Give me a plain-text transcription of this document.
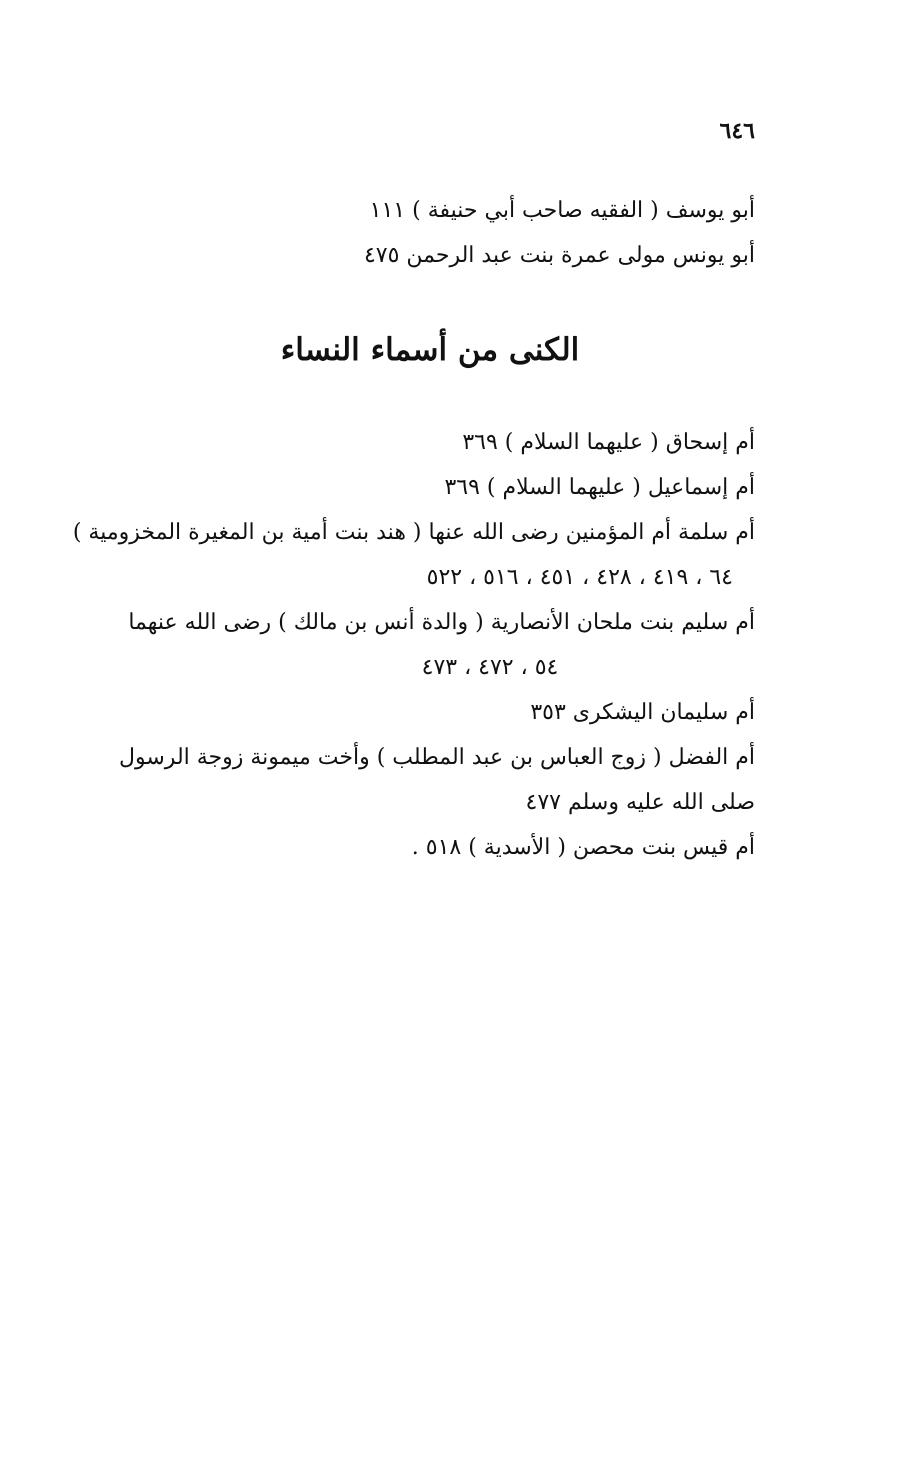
٦٤٦
أبو يوسف ( الفقيه صاحب أبي حنيفة ) ١١١
أبو يونس مولى عمرة بنت عبد الرحمن ٤٧٥
الكنى من أسماء النساء
أم إسحاق ( عليهما السلام ) ٣٦٩
أم إسماعيل ( عليهما السلام ) ٣٦٩
أم سلمة أم المؤمنين رضى الله عنها ( هند بنت أمية بن المغيرة المخزومية )
٦٤ ، ٤١٩ ، ٤٢٨ ، ٤٥١ ، ٥١٦ ، ٥٢٢
أم سليم بنت ملحان الأنصارية ( والدة أنس بن مالك ) رضى الله عنهما
٥٤ ، ٤٧٢ ، ٤٧٣
أم سليمان اليشكرى ٣٥٣
أم الفضل ( زوج العباس بن عبد المطلب ) وأخت ميمونة زوجة الرسول
صلى الله عليه وسلم ٤٧٧
أم قيس بنت محصن ( الأسدية ) ٥١٨ .
